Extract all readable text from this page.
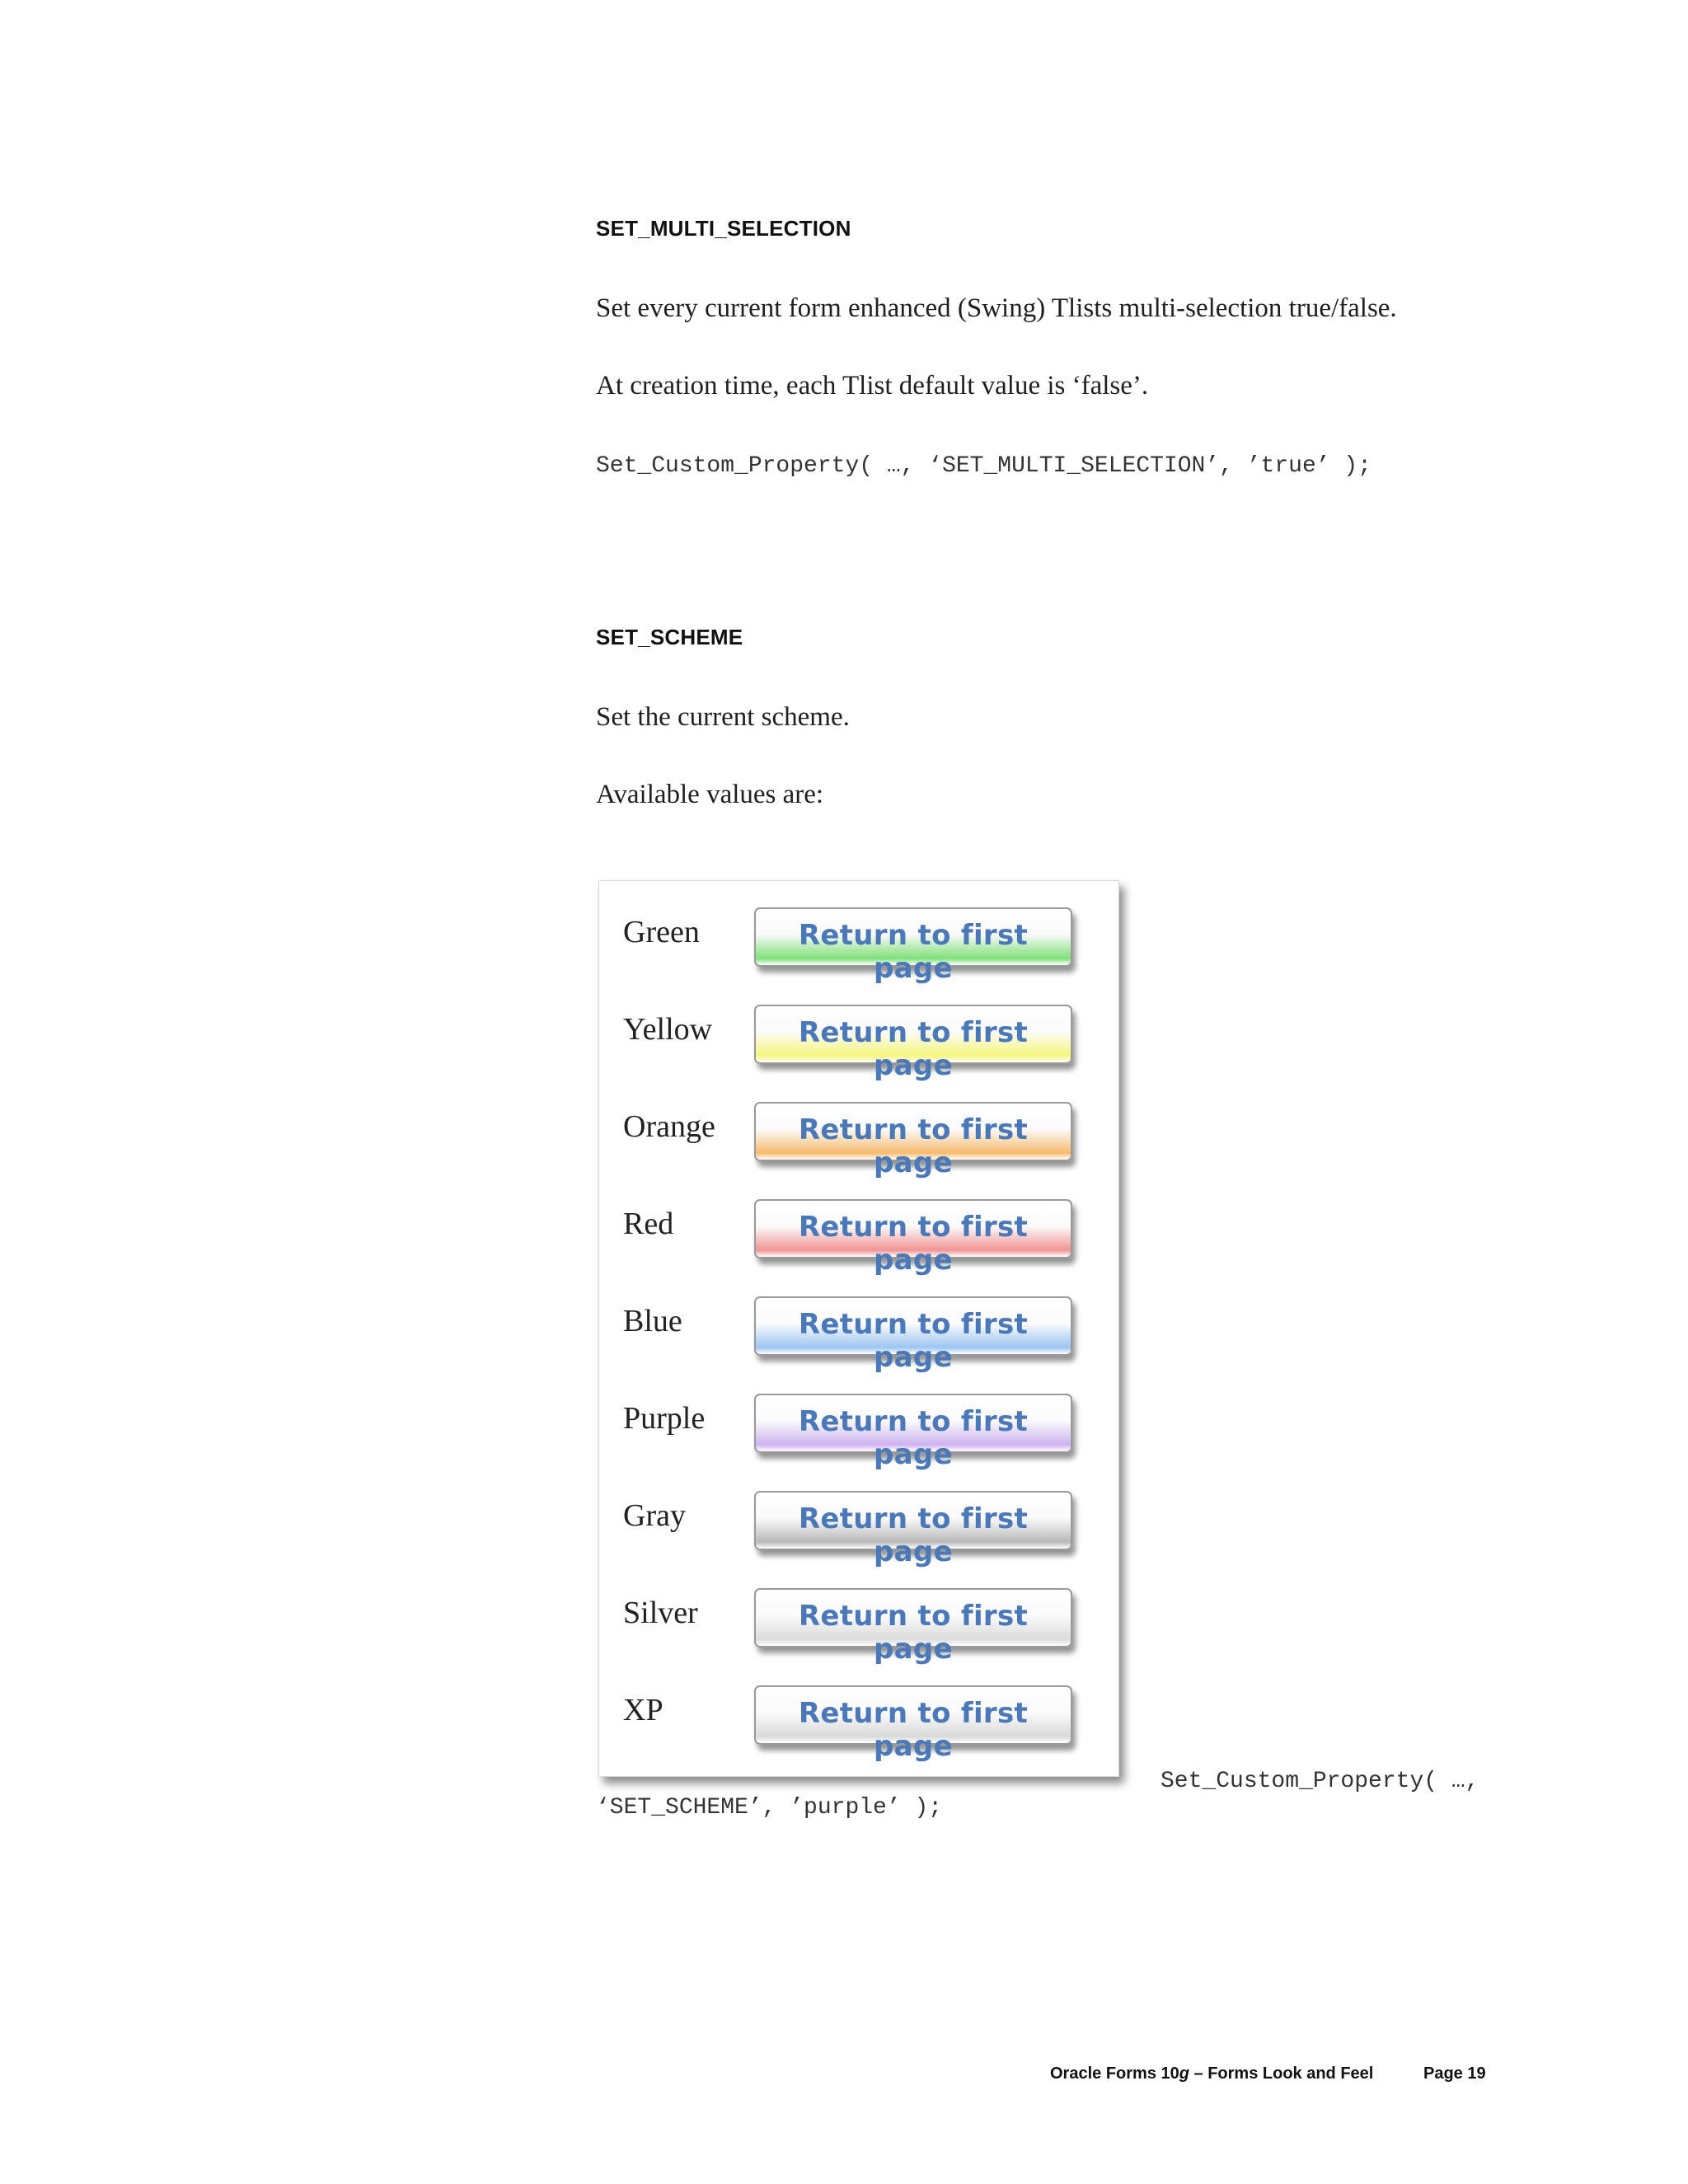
SET_MULTI_SELECTION
Set every current form enhanced (Swing) Tlists multi-selection true/false.
At creation time, each Tlist default value is ‘false’.
Set_Custom_Property( …, ‘SET_MULTI_SELECTION’, ’true’ );
SET_SCHEME
Set the current scheme.
Available values are:
Green	Return to first page
Yellow	Return to first page
Orange	Return to first page
Red	Return to first page
Blue	Return to first page
Purple	Return to first page
Gray	Return to first page
Silver	Return to first page
XP	Return to first page
Set_Custom_Property( …,
‘SET_SCHEME’, ’purple’ );
Oracle Forms 10g – Forms Look and Feel	Page 19
